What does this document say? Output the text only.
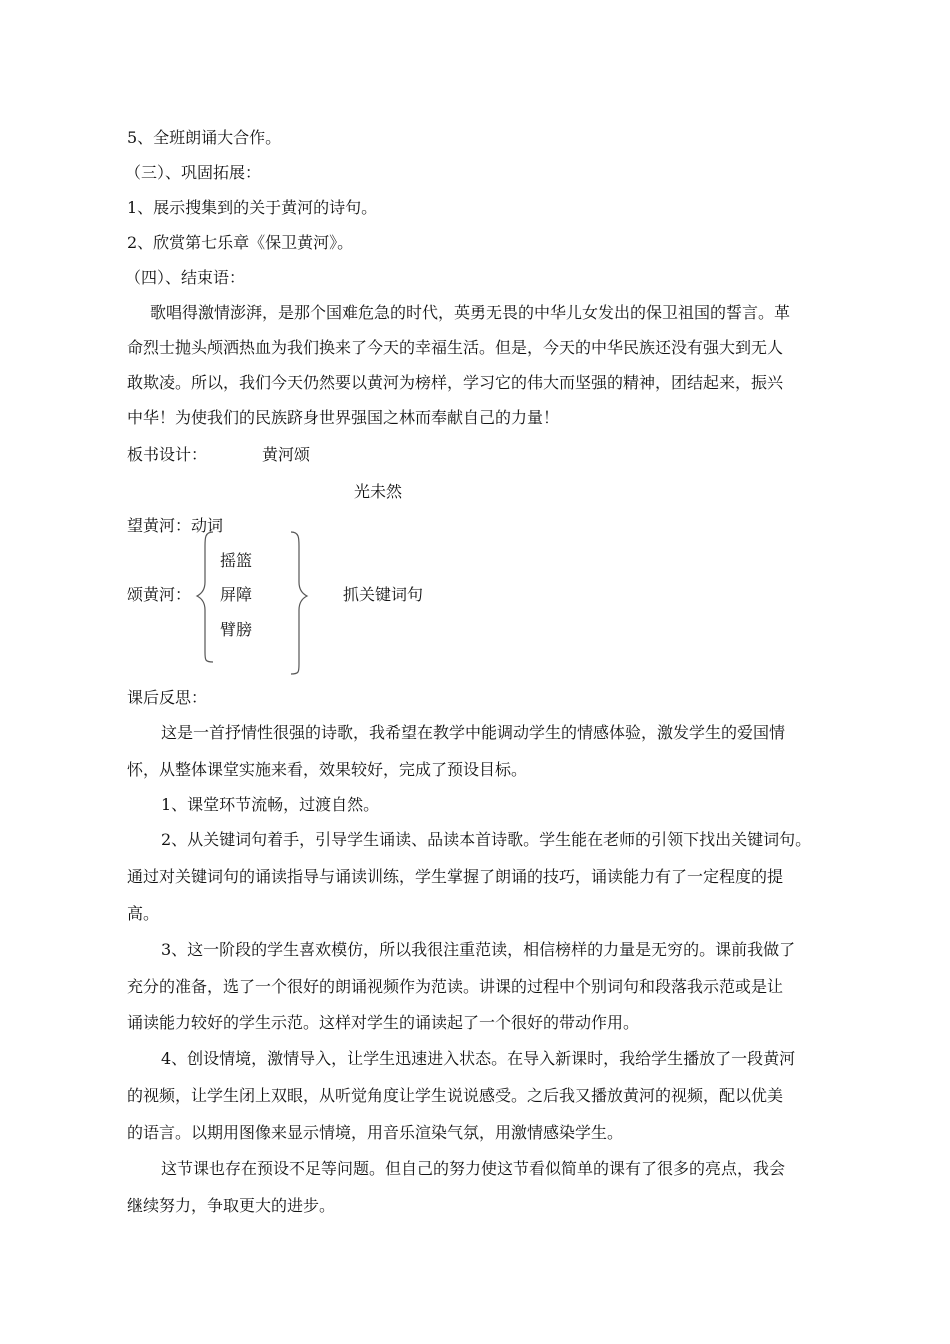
5、全班朗诵大合作。
（三）、巩固拓展：
1、展示搜集到的关于黄河的诗句。
2、欣赏第七乐章《保卫黄河》。
（四）、结束语：
歌唱得激情澎湃，是那个国难危急的时代，英勇无畏的中华儿女发出的保卫祖国的誓言。革
命烈士抛头颅洒热血为我们换来了今天的幸福生活。但是，今天的中华民族还没有强大到无人
敢欺凌。所以，我们今天仍然要以黄河为榜样，学习它的伟大而坚强的精神，团结起来，振兴
中华！为使我们的民族跻身世界强国之林而奉献自己的力量！
板书设计：	黄河颂
光未然
望黄河：动词
颂黄河：
摇篮
屏障
臂膀
抓关键词句
课后反思：
这是一首抒情性很强的诗歌，我希望在教学中能调动学生的情感体验，激发学生的爱国情
怀，从整体课堂实施来看，效果较好，完成了预设目标。
1、课堂环节流畅，过渡自然。
2、从关键词句着手，引导学生诵读、品读本首诗歌。学生能在老师的引领下找出关键词句。
通过对关键词句的诵读指导与诵读训练，学生掌握了朗诵的技巧，诵读能力有了一定程度的提
高。
3、这一阶段的学生喜欢模仿，所以我很注重范读，相信榜样的力量是无穷的。课前我做了
充分的准备，选了一个很好的朗诵视频作为范读。讲课的过程中个别词句和段落我示范或是让
诵读能力较好的学生示范。这样对学生的诵读起了一个很好的带动作用。
4、创设情境，激情导入，让学生迅速进入状态。在导入新课时，我给学生播放了一段黄河
的视频，让学生闭上双眼，从听觉角度让学生说说感受。之后我又播放黄河的视频，配以优美
的语言。以期用图像来显示情境，用音乐渲染气氛，用激情感染学生。
这节课也存在预设不足等问题。但自己的努力使这节看似简单的课有了很多的亮点，我会
继续努力，争取更大的进步。
